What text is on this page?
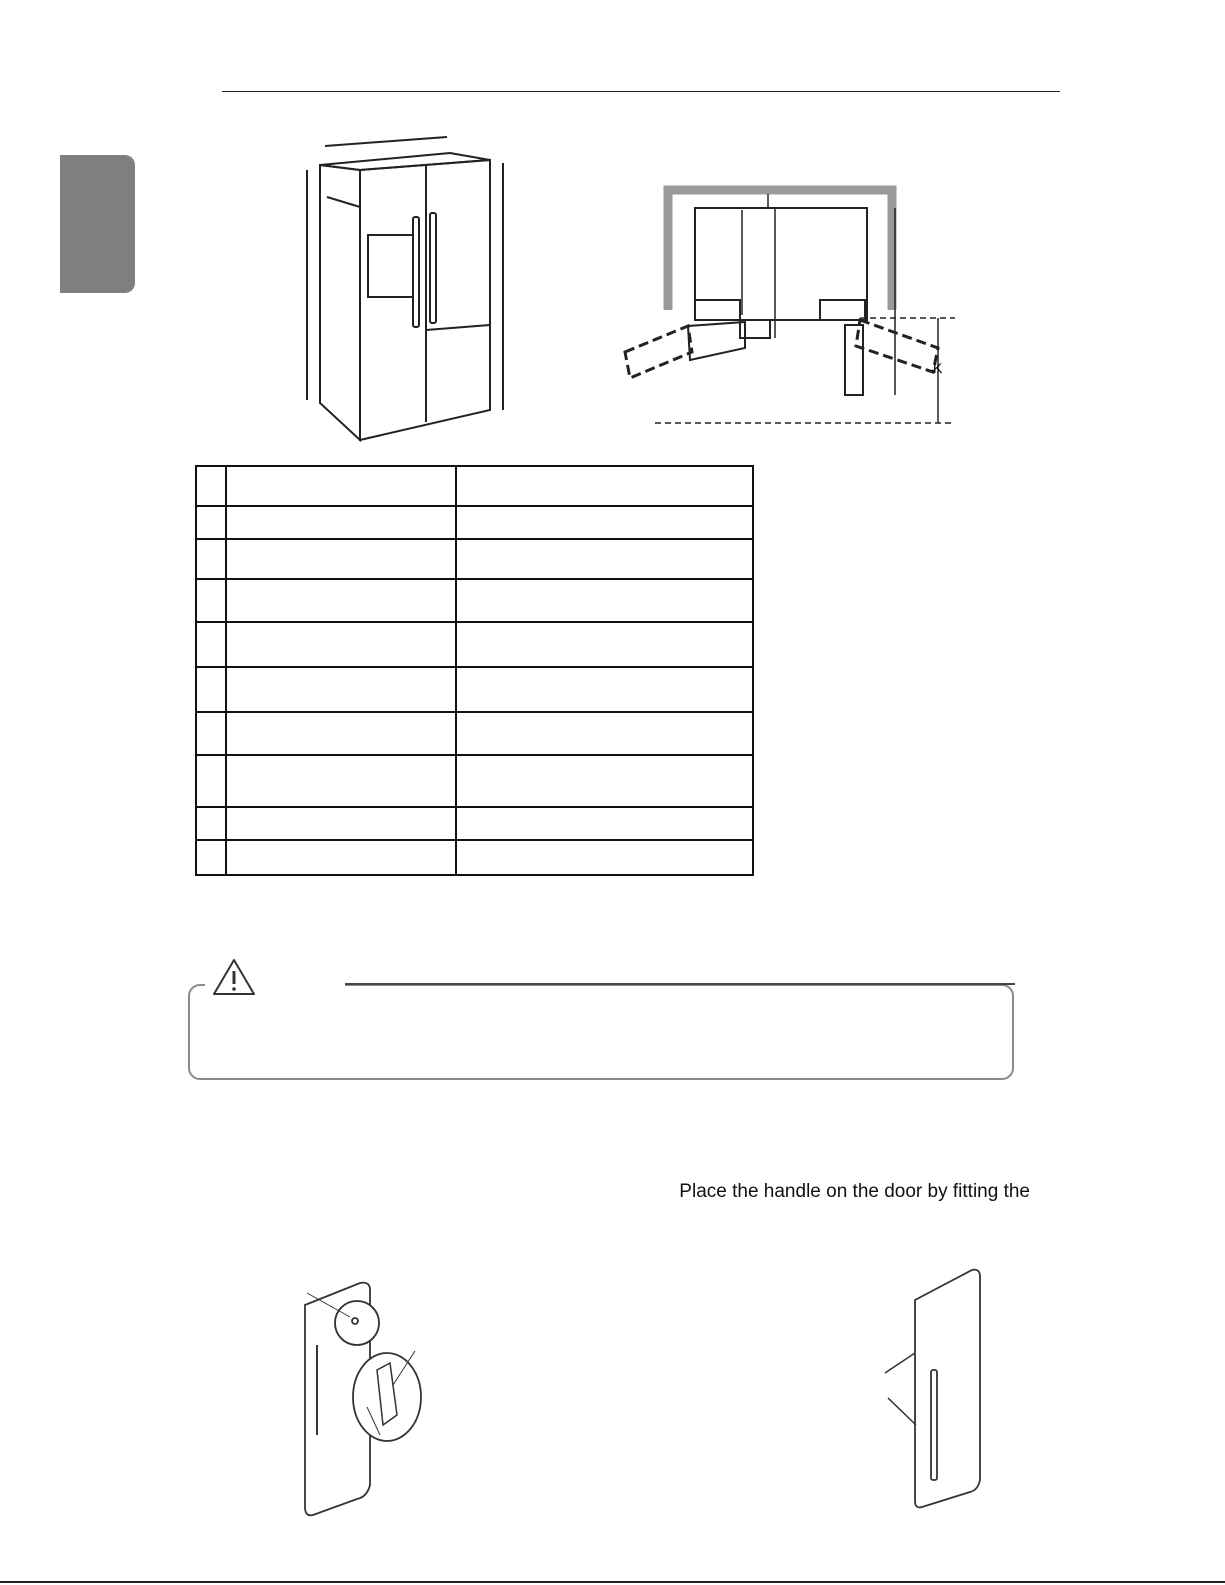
K

Place the handle on the door by fitting the
